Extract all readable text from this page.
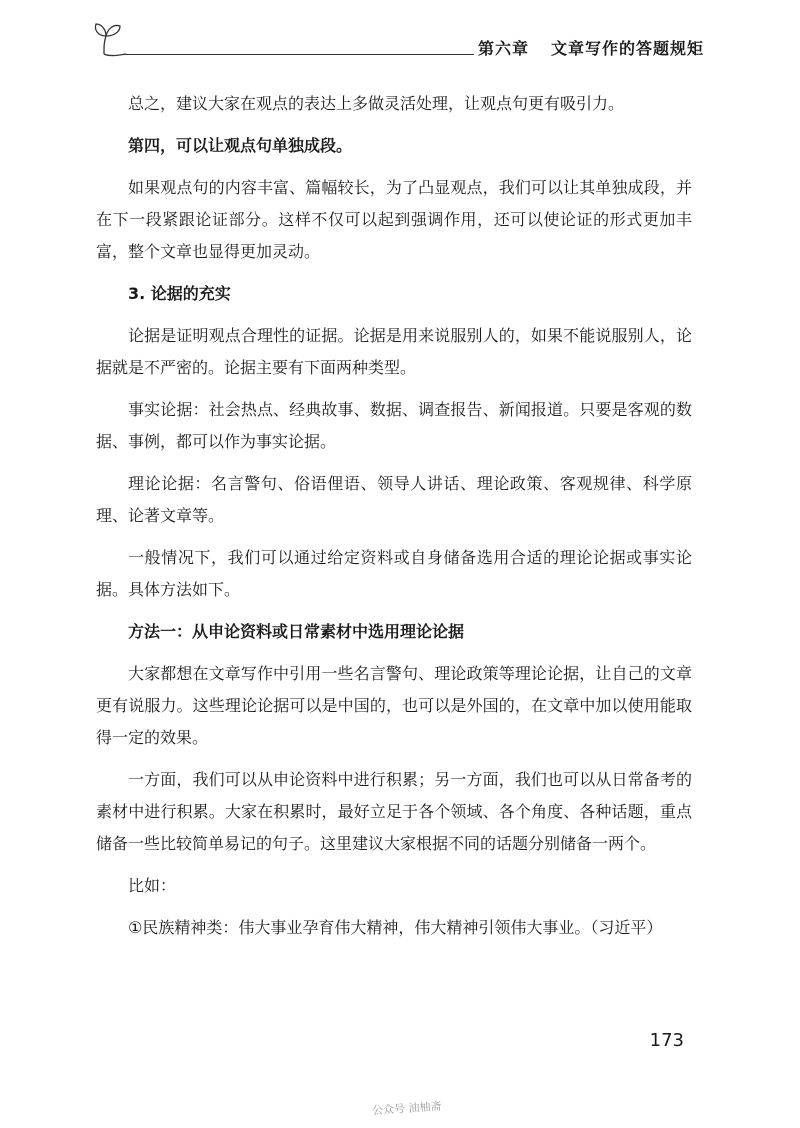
第六章 文章写作的答题规矩

总之，建议大家在观点的表达上多做灵活处理，让观点句更有吸引力。

第四，可以让观点句单独成段。

如果观点句的内容丰富、篇幅较长，为了凸显观点，我们可以让其单独成段，并在下一段紧跟论证部分。这样不仅可以起到强调作用，还可以使论证的形式更加丰富，整个文章也显得更加灵动。

3. 论据的充实

论据是证明观点合理性的证据。论据是用来说服别人的，如果不能说服别人，论据就是不严密的。论据主要有下面两种类型。

事实论据：社会热点、经典故事、数据、调查报告、新闻报道。只要是客观的数据、事例，都可以作为事实论据。

理论论据：名言警句、俗语俚语、领导人讲话、理论政策、客观规律、科学原理、论著文章等。

一般情况下，我们可以通过给定资料或自身储备选用合适的理论论据或事实论据。具体方法如下。

方法一：从申论资料或日常素材中选用理论论据

大家都想在文章写作中引用一些名言警句、理论政策等理论论据，让自己的文章更有说服力。这些理论论据可以是中国的，也可以是外国的，在文章中加以使用能取得一定的效果。

一方面，我们可以从申论资料中进行积累；另一方面，我们也可以从日常备考的素材中进行积累。大家在积累时，最好立足于各个领域、各个角度、各种话题，重点储备一些比较简单易记的句子。这里建议大家根据不同的话题分别储备一两个。

比如：

①民族精神类：伟大事业孕育伟大精神，伟大精神引领伟大事业。（习近平）

173
公众号 油柚斋
